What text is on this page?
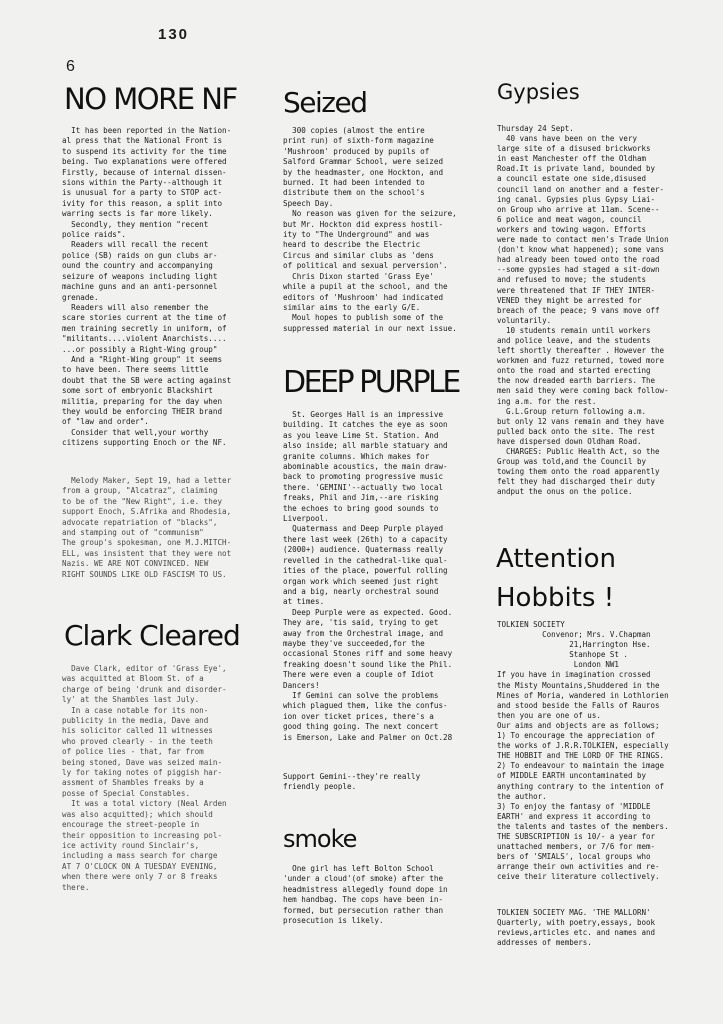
130
6
NO MORE NF
It has been reported in the Nation-
al press that the National Front is
to suspend its activity for the time
being. Two explanations were offered
Firstly, because of internal dissen-
sions within the Party--although it
is unusual for a party to STOP act-
ivity for this reason, a split into
warring sects is far more likely.
Secondly, they mention "recent
police raids".
Readers will recall the recent
police (SB) raids on gun clubs ar-
ound the country and accompanying
seizure of weapons including light
machine guns and an anti-personnel
grenade.
Readers will also remember the
scare stories current at the time of
men training secretly in uniform, of
"militants....violent Anarchists....
...or possibly a Right-Wing group"
And a "Right-Wing group" it seems
to have been. There seems little
doubt that the SB were acting against
some sort of embryonic Blackshirt
militia, preparing for the day when
they would be enforcing THEIR brand
of "law and order".
Consider that well,your worthy
citizens supporting Enoch or the NF.
Melody Maker, Sept 19, had a letter
from a group, "Alcatraz", claiming
to be of the "New Right", i.e. they
support Enoch, S.Afrika and Rhodesia,
advocate repatriation of "blacks",
and stamping out of "communism"
The group's spokesman, one M.J.MITCH-
ELL, was insistent that they were not
Nazis. WE ARE NOT CONVINCED. NEW
RIGHT SOUNDS LIKE OLD FASCISM TO US.
Clark Cleared
Dave Clark, editor of 'Grass Eye',
was acquitted at Bloom St. of a
charge of being 'drunk and disorder-
ly' at the Shambles last July.
In a case notable for its non-
publicity in the media, Dave and
his solicitor called 11 witnesses
who proved clearly - in the teeth
of police lies - that, far from
being stoned, Dave was seized main-
ly for taking notes of piggish har-
assment of Shambles freaks by a
posse of Special Constables.
It was a total victory (Neal Arden
was also acquitted); which should
encourage the street-people in
their opposition to increasing pol-
ice activity round Sinclair's,
including a mass search for charge
AT 7 O'CLOCK ON A TUESDAY EVENING,
when there were only 7 or 8 freaks
there.
Seized
300 copies (almost the entire
print run) of sixth-form magazine
'Mushroom' produced by pupils of
Salford Grammar School, were seized
by the headmaster, one Hockton, and
burned. It had been intended to
distribute them on the school's
Speech Day.
No reason was given for the seizure,
but Mr. Hockton did express hostil-
ity to "The Underground" and was
heard to describe the Electric
Circus and similar clubs as 'dens
of political and sexual perversion'.
Chris Dixon started 'Grass Eye'
while a pupil at the school, and the
editors of 'Mushroom' had indicated
similar aims to the early G/E.
Moul hopes to publish some of the
suppressed material in our next issue.
DEEP PURPLE
St. Georges Hall is an impressive
building. It catches the eye as soon
as you leave Lime St. Station. And
also inside; all marble statuary and
granite columns. Which makes for
abominable acoustics, the main draw-
back to promoting progressive music
there. 'GEMINI'--actually two local
freaks, Phil and Jim,--are risking
the echoes to bring good sounds to
Liverpool.
Quatermass and Deep Purple played
there last week (26th) to a capacity
(2000+) audience. Quatermass really
revelled in the cathedral-like qual-
ities of the place, powerful rolling
organ work which seemed just right
and a big, nearly orchestral sound
at times.
Deep Purple were as expected. Good.
They are, 'tis said, trying to get
away from the Orchestral image, and
maybe they've succeeded,for the
occasional Stones riff and some heavy
freaking doesn't sound like the Phil.
There were even a couple of Idiot
Dancers!
If Gemini can solve the problems
which plagued them, like the confus-
ion over ticket prices, there's a
good thing going. The next concert
is Emerson, Lake and Palmer on Oct.28
Support Gemini--they're really
friendly people.
smoke
One girl has left Bolton School
'under a cloud'(of smoke) after the
headmistress allegedly found dope in
hem handbag. The cops have been in-
formed, but persecution rather than
prosecution is likely.
Gypsies
Thursday 24 Sept.
40 vans have been on the very
large site of a disused brickworks
in east Manchester off the Oldham
Road.It is private land, bounded by
a council estate one side,disused
council land on another and a fester-
ing canal. Gypsies plus Gypsy Liai-
on Group who arrive at 11am. Scene--
6 police and meat wagon, council
workers and towing wagon. Efforts
were made to contact men's Trade Union
(don't know what happened); some vans
had already been towed onto the road
--some gypsies had staged a sit-down
and refused to move; the students
were threatened that IF THEY INTER-
VENED they might be arrested for
breach of the peace; 9 vans move off
voluntarily.
10 students remain until workers
and police leave, and the students
left shortly thereafter . However the
workmen and fuzz returned, towed more
onto the road and started erecting
the now dreaded earth barriers. The
men said they were coming back follow-
ing a.m. for the rest.
G.L.Group return following a.m.
but only 12 vans remain and they have
pulled back onto the site. The rest
have dispersed down Oldham Road.
CHARGES: Public Health Act, so the
Group was told,and the Council by
towing them onto the road apparently
felt they had discharged their duty
andput the onus on the police.
Attention
Hobbits !
TOLKIEN SOCIETY
Convenor; Mrs. V.Chapman
21,Harrington Hse.
Stanhope St .
London NW1
If you have in imagination crossed
the Misty Mountains,Shuddered in the
Mines of Moria, wandered in Lothlorien
and stood beside the Falls of Rauros
then you are one of us.
Our aims and objects are as follows;
1) To encourage the appreciation of
the works of J.R.R.TOLKIEN, especially
THE HOBBIT and THE LORD OF THE RINGS.
2) To endeavour to maintain the image
of MIDDLE EARTH uncontaminated by
anything contrary to the intention of
the author.
3) To enjoy the fantasy of 'MIDDLE
EARTH' and express it according to
the talents and tastes of the members.
THE SUBSCRIPTION is 10/- a year for
unattached members, or 7/6 for mem-
bers of 'SMIALS', local groups who
arrange their own activities and re-
ceive their literature collectively.
TOLKIEN SOCIETY MAG. 'THE MALLORN'
Quarterly, with poetry,essays, book
reviews,articles etc. and names and
addresses of members.
